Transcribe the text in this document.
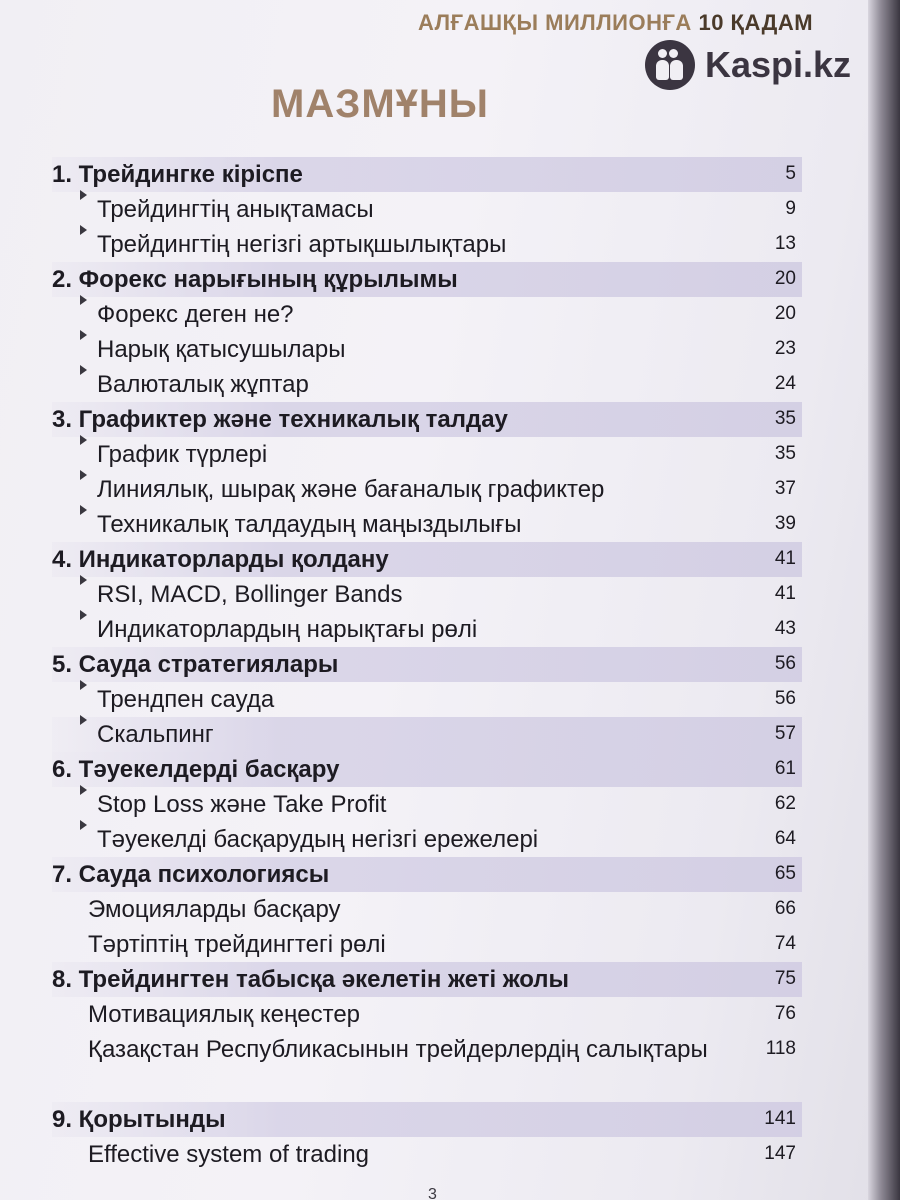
АЛҒАШҚЫ МИЛЛИОНҒА 10 ҚАДАМ
Kaspi.kz
МАЗМҰНЫ
1. Трейдингке кіріспе	5
Трейдингтің анықтамасы	9
Трейдингтің негізгі артықшылықтары	13
2. Форекс нарығының құрылымы	20
Форекс деген не?	20
Нарық қатысушылары	23
Валюталық жұптар	24
3. Графиктер және техникалық талдау	35
График түрлері	35
Линиялық, шырақ және бағаналық графиктер	37
Техникалық талдаудың маңыздылығы	39
4. Индикаторларды қолдану	41
RSI, MACD, Bollinger Bands	41
Индикаторлардың нарықтағы рөлі	43
5. Сауда стратегиялары	56
Трендпен сауда	56
Скальпинг	57
6. Тәуекелдерді басқару	61
Stop Loss және Take Profit	62
Тәуекелді басқарудың негізгі ережелері	64
7. Сауда психологиясы	65
Эмоцияларды басқару	66
Тәртіптің трейдингтегі рөлі	74
8. Трейдингтен табысқа әкелетін жеті жолы	75
Мотивациялық кеңестер	76
Қазақстан Республикасынын трейдерлердің салықтары	118
9. Қорытынды	141
Effective system of trading	147
3
